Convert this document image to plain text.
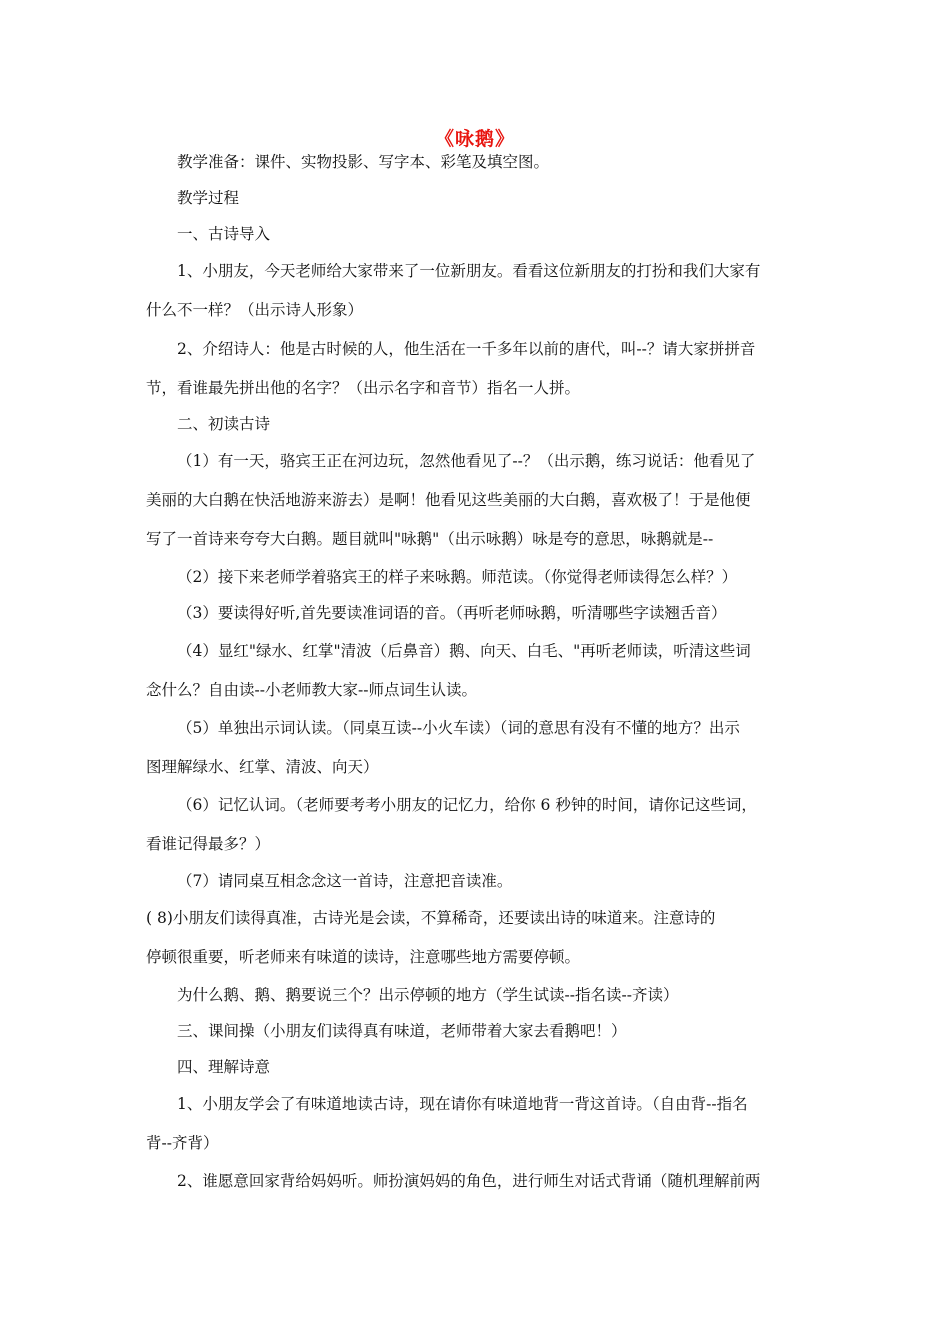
《咏鹅》
教学准备：课件、实物投影、写字本、彩笔及填空图。
教学过程
一、古诗导入
1、小朋友，今天老师给大家带来了一位新朋友。看看这位新朋友的打扮和我们大家有
什么不一样？（出示诗人形象）
2、介绍诗人：他是古时候的人，他生活在一千多年以前的唐代，叫--？请大家拼拼音
节，看谁最先拼出他的名字？（出示名字和音节）指名一人拼。
二、初读古诗
（1）有一天，骆宾王正在河边玩，忽然他看见了--？（出示鹅，练习说话：他看见了
美丽的大白鹅在快活地游来游去）是啊！他看见这些美丽的大白鹅，喜欢极了！于是他便
写了一首诗来夸夸大白鹅。题目就叫"咏鹅"（出示咏鹅）咏是夸的意思，咏鹅就是--
（2）接下来老师学着骆宾王的样子来咏鹅。师范读。（你觉得老师读得怎么样？）
（3）要读得好听,首先要读准词语的音。（再听老师咏鹅，听清哪些字读翘舌音）
（4）显红"绿水、红掌"清波（后鼻音）鹅、向天、白毛、"再听老师读，听清这些词
念什么？自由读--小老师教大家--师点词生认读。
（5）单独出示词认读。（同桌互读--小火车读）（词的意思有没有不懂的地方？出示
图理解绿水、红掌、清波、向天）
（6）记忆认词。（老师要考考小朋友的记忆力，给你 6 秒钟的时间，请你记这些词，
看谁记得最多？）
（7）请同桌互相念念这一首诗，注意把音读准。
( 8)小朋友们读得真准，古诗光是会读，不算稀奇，还要读出诗的味道来。注意诗的
停顿很重要，听老师来有味道的读诗，注意哪些地方需要停顿。
为什么鹅、鹅、鹅要说三个？出示停顿的地方（学生试读--指名读--齐读）
三、课间操（小朋友们读得真有味道，老师带着大家去看鹅吧！）
四、理解诗意
1、小朋友学会了有味道地读古诗，现在请你有味道地背一背这首诗。（自由背--指名
背--齐背）
2、谁愿意回家背给妈妈听。师扮演妈妈的角色，进行师生对话式背诵（随机理解前两
